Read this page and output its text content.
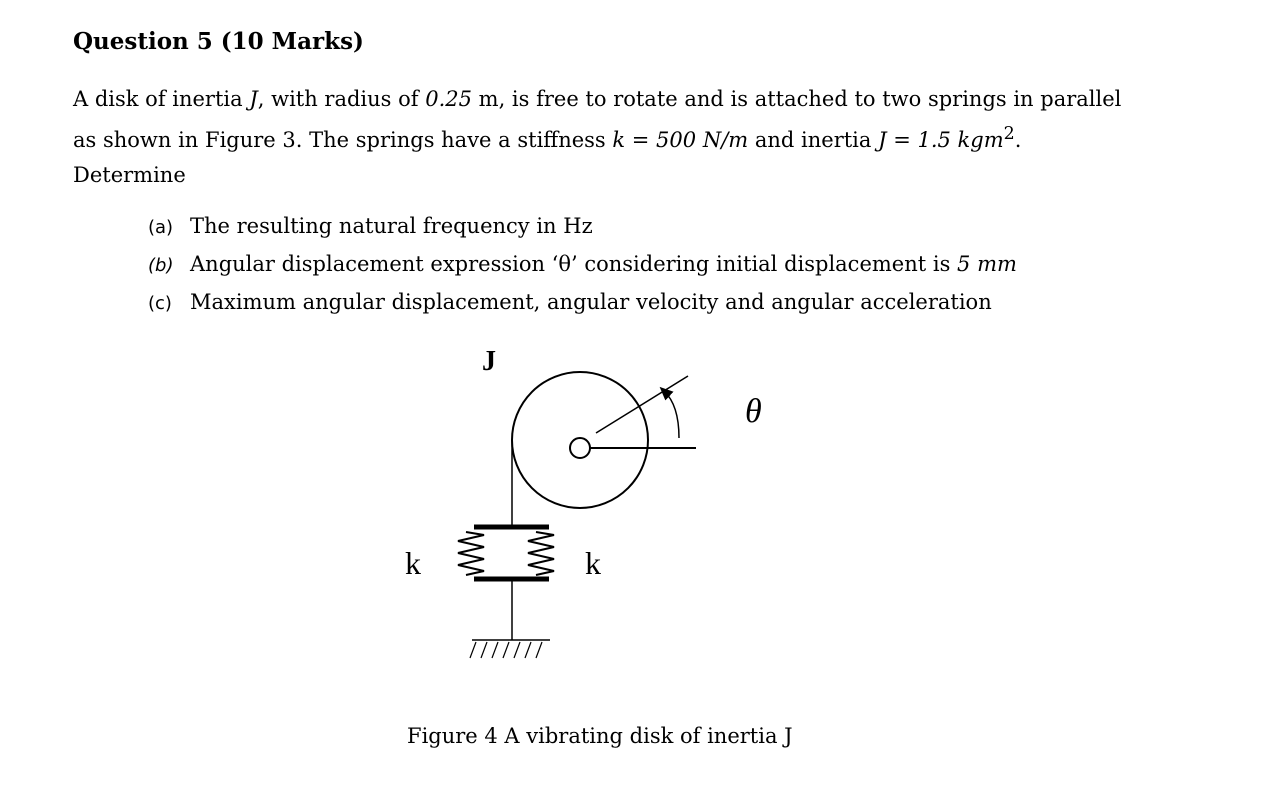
Question 5 (10 Marks)

A disk of inertia J, with radius of 0.25 m, is free to rotate and is attached to two springs in parallel as shown in Figure 3. The springs have a stiffness k = 500 N/m and inertia J = 1.5 kgm$^2$. Determine

(a) The resulting natural frequency in Hz
(b) Angular displacement expression ‘θ’ considering initial displacement is 5 mm
(c) Maximum angular displacement, angular velocity and angular acceleration
J
θ
k	k

Figure 4 A vibrating disk of inertia J
